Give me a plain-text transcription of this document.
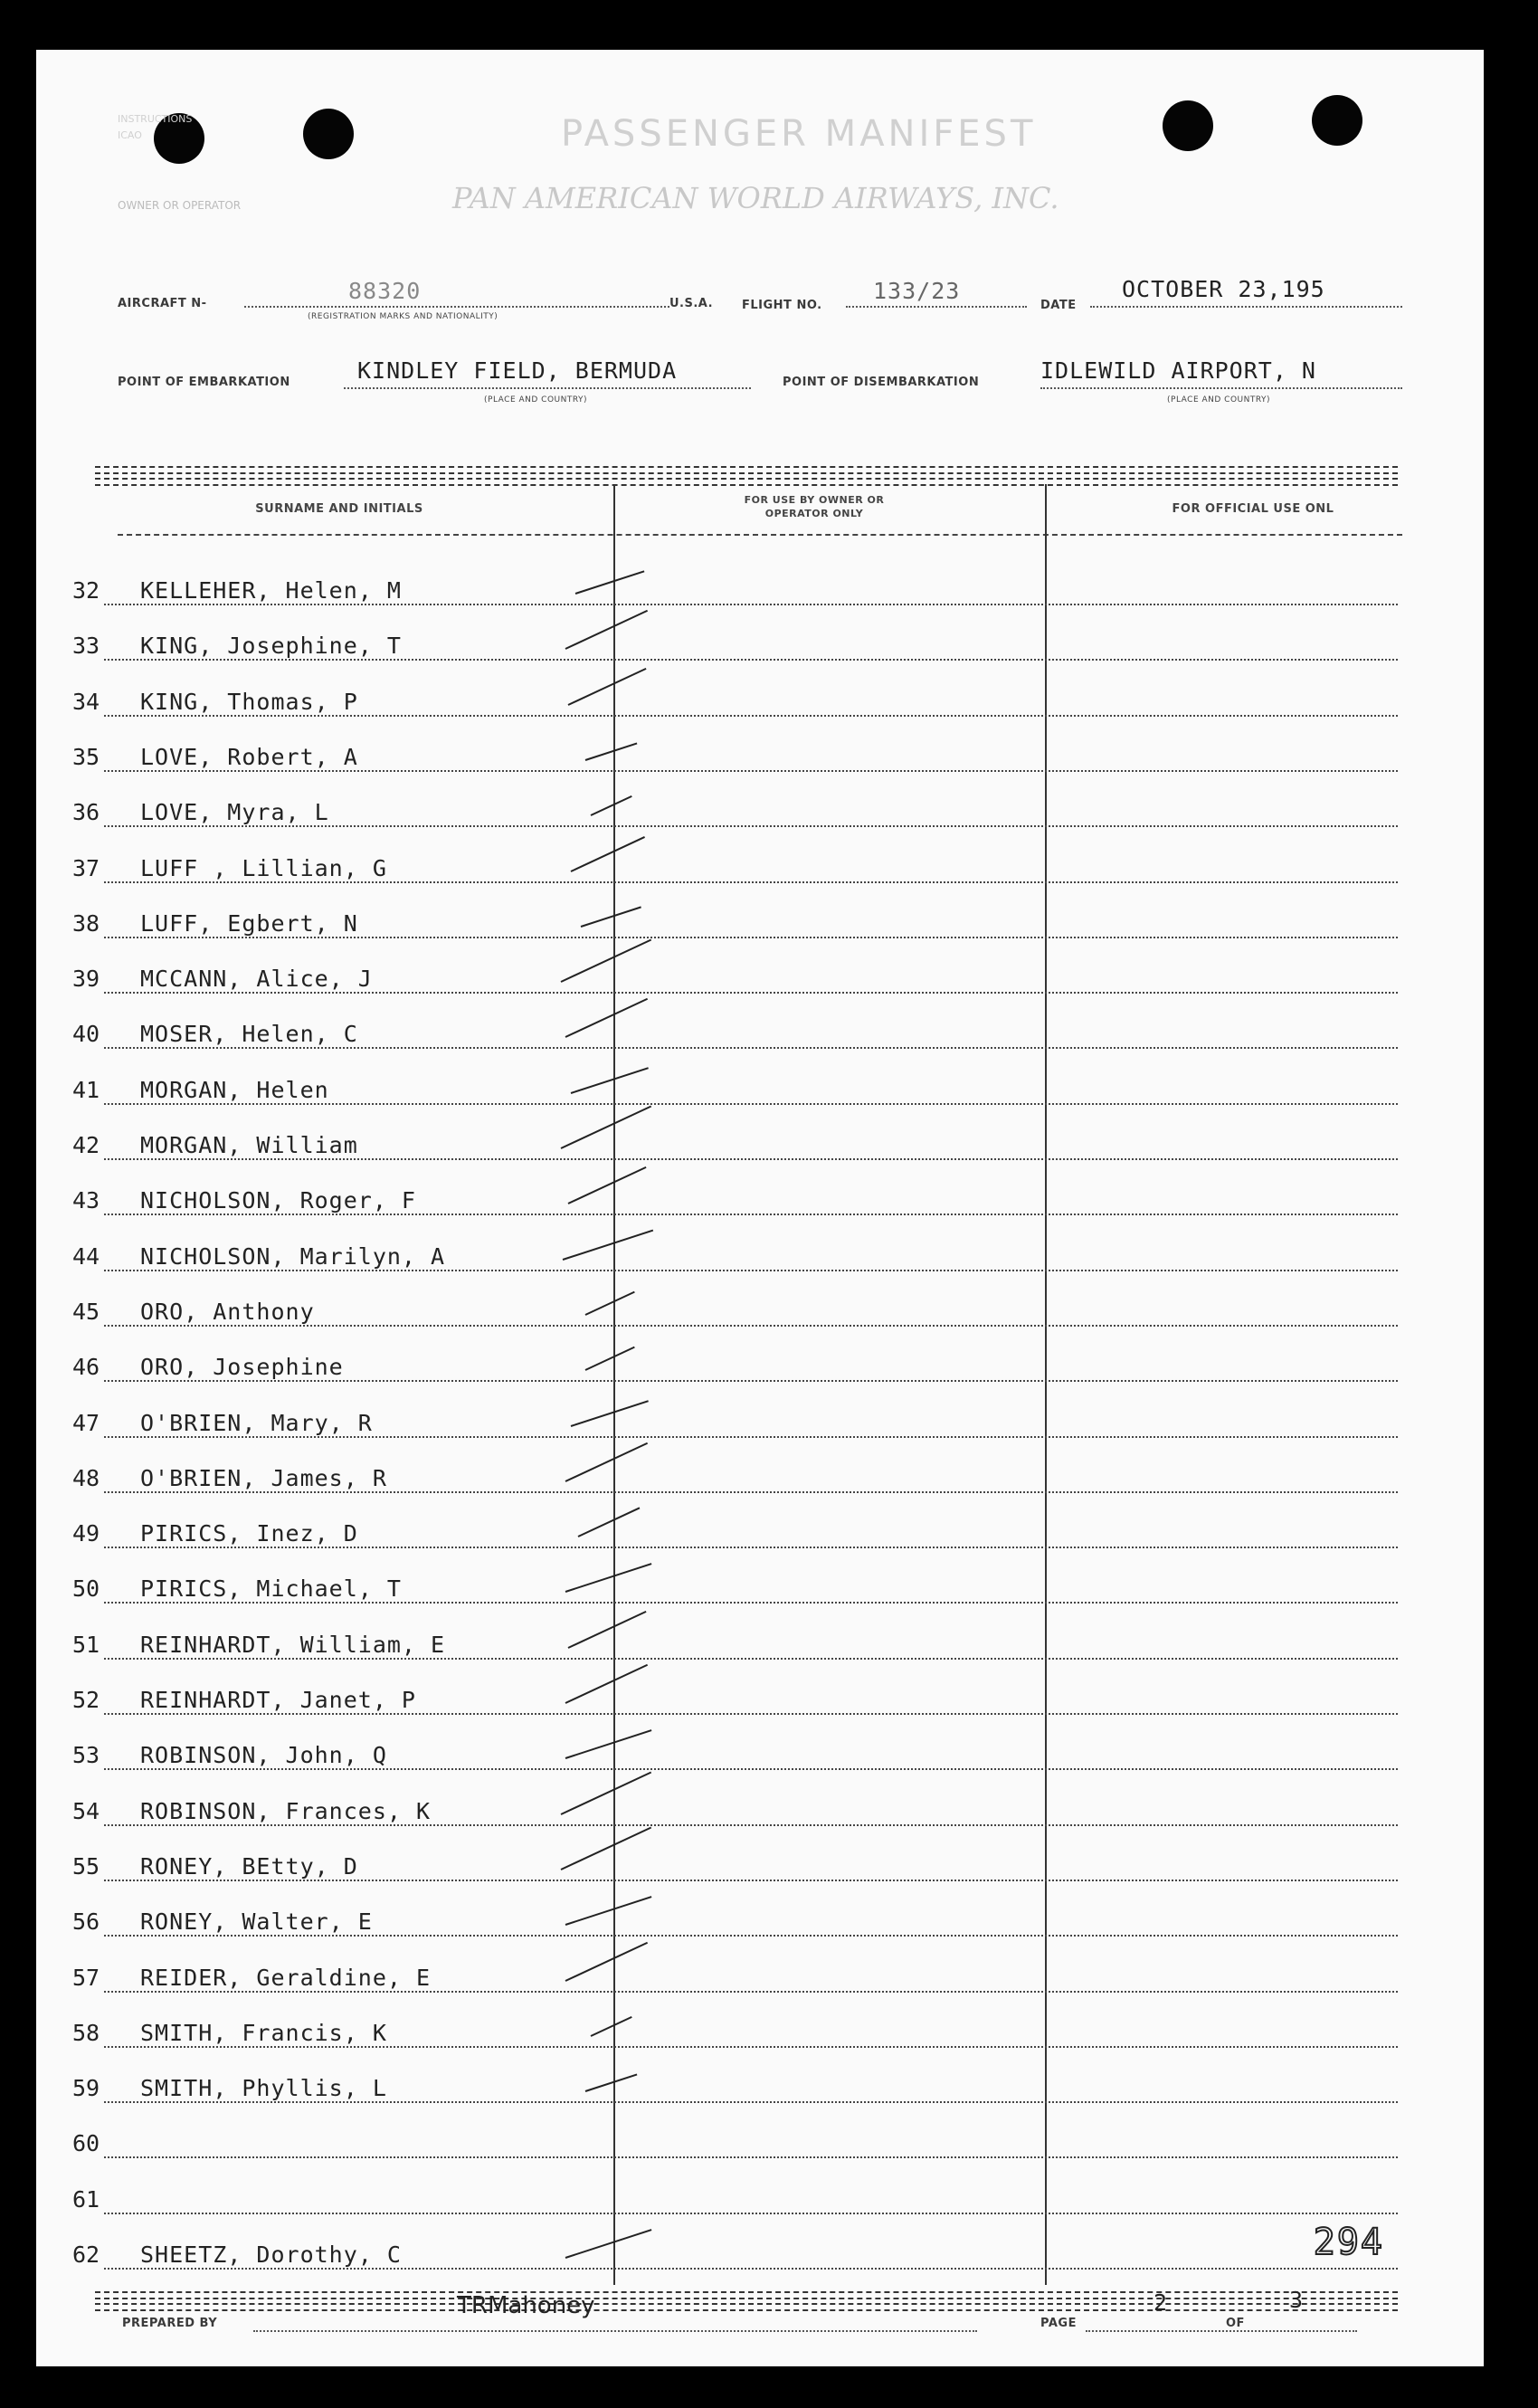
PASSENGER MANIFEST
INSTRUCTIONS
ICAO
OWNER OR OPERATOR	PAN AMERICAN WORLD AIRWAYS, INC.
AIRCRAFT N-	88320
(REGISTRATION MARKS AND NATIONALITY)
U.S.A. FLIGHT NO.
133/23
DATE
OCTOBER 23,195
POINT OF EMBARKATION	KINDLEY FIELD, BERMUDA
(PLACE AND COUNTRY)
POINT OF DISEMBARKATION	IDLEWILD AIRPORT, N
(PLACE AND COUNTRY)
SURNAME AND INITIALS
FOR USE BY OWNER OR OPERATOR ONLY	FOR OFFICIAL USE ONL
32 KELLEHER, Helen, M
33 KING, Josephine, T
34 KING, Thomas, P
35 LOVE, Robert, A
36 LOVE, Myra, L
37 LUFF , Lillian, G
38 LUFF, Egbert, N
39 MCCANN, Alice, J
40 MOSER, Helen, C
41 MORGAN, Helen
42 MORGAN, William
43 NICHOLSON, Roger, F
44 NICHOLSON, Marilyn, A
45 ORO, Anthony
46 ORO, Josephine
47 O'BRIEN, Mary, R
48 O'BRIEN, James, R
49 PIRICS, Inez, D
50 PIRICS, Michael, T
51 REINHARDT, William, E
52 REINHARDT, Janet, P
53 ROBINSON, John, Q
54 ROBINSON, Frances, K
55 RONEY, BEtty, D
56 RONEY, Walter, E
57 REIDER, Geraldine, E
58 SMITH, Francis, K
59 SMITH, Phyllis, L
60
61
62 SHEETZ, Dorothy, C	294
PREPARED BY
TRMahoney
PAGE
2
OF
3
